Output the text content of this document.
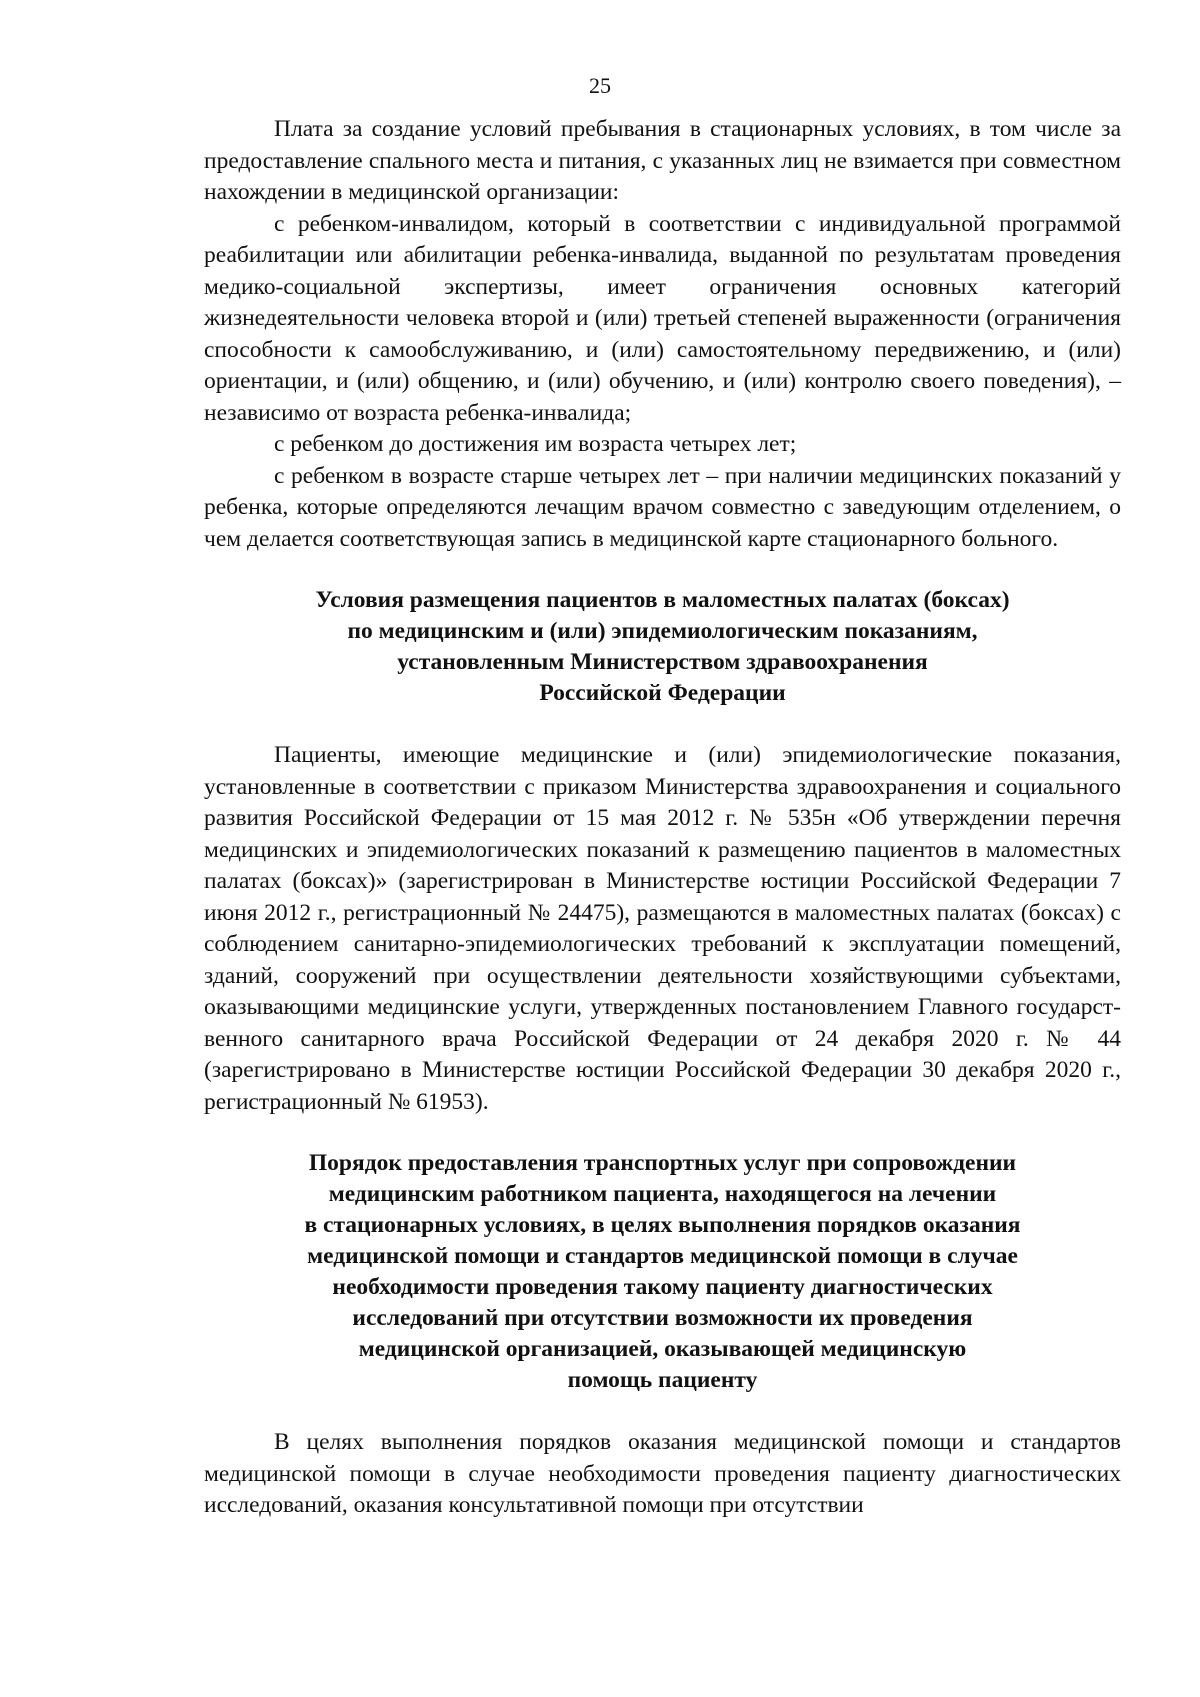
25

Плата за создание условий пребывания в стационарных условиях, в том числе за предоставление спального места и питания, с указанных лиц не взимается при совместном нахождении в медицинской организации:

с ребенком-инвалидом, который в соответствии с индивидуальной программой реабилитации или абилитации ребенка-инвалида, выданной по результатам проведения медико-социальной экспертизы, имеет ограничения основных категорий жизнедеятельности человека второй и (или) третьей степеней выраженности (ограничения способности к самообслуживанию, и (или) самостоятельному передвижению, и (или) ориентации, и (или) общению, и (или) обучению, и (или) контролю своего поведения), – независимо от возраста ребенка-инвалида;

с ребенком до достижения им возраста четырех лет;

с ребенком в возрасте старше четырех лет – при наличии медицинских показаний у ребенка, которые определяются лечащим врачом совместно с заведующим отделением, о чем делается соответствующая запись в медицинской карте стационарного больного.

Условия размещения пациентов в маломестных палатах (боксах)
по медицинским и (или) эпидемиологическим показаниям,
установленным Министерством здравоохранения
Российской Федерации

Пациенты, имеющие медицинские и (или) эпидемиологические показания, установленные в соответствии с приказом Министерства здравоохранения и социального развития Российской Федерации от 15 мая 2012 г. № 535н «Об утверждении перечня медицинских и эпидемиологических показаний к размещению пациентов в маломестных палатах (боксах)» (зарегистрирован в Министерстве юстиции Российской Федерации 7 июня 2012 г., регистрационный № 24475), размещаются в маломестных палатах (боксах) с соблюдением санитарно-эпидемиологических требований к эксплуатации помещений, зданий, сооружений при осуществлении деятельности хозяйствующими субъектами, оказывающими медицинские услуги, утвержденных постановлением Главного государственного санитарного врача Российской Федерации от 24 декабря 2020 г. № 44 (зарегистрировано в Министерстве юстиции Российской Федерации 30 декабря 2020 г., регистрационный № 61953).

Порядок предоставления транспортных услуг при сопровождении
медицинским работником пациента, находящегося на лечении
в стационарных условиях, в целях выполнения порядков оказания
медицинской помощи и стандартов медицинской помощи в случае
необходимости проведения такому пациенту диагностических
исследований при отсутствии возможности их проведения
медицинской организацией, оказывающей медицинскую
помощь пациенту

В целях выполнения порядков оказания медицинской помощи и стандартов медицинской помощи в случае необходимости проведения пациенту диагностических исследований, оказания консультативной помощи при отсутствии
